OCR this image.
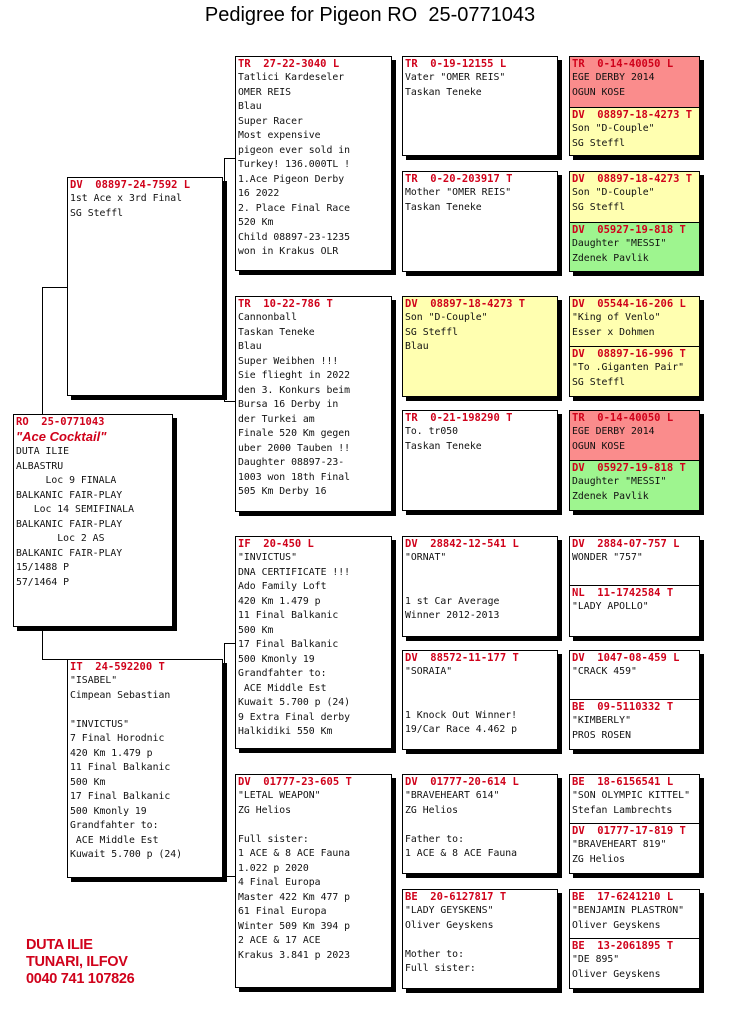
Pedigree for Pigeon RO  25-0771043
RO  25-0771043
"Ace Cocktail"
DUTA ILIE
ALBASTRU
Loc 9 FINALA
BALKANIC FAIR-PLAY
Loc 14 SEMIFINALA
BALKANIC FAIR-PLAY
Loc 2 AS
BALKANIC FAIR-PLAY
15/1488 P
57/1464 P
DV  08897-24-7592 L
1st Ace x 3rd Final
SG Steffl
IT  24-592200 T
"ISABEL"
Cimpean Sebastian

"INVICTUS"
7 Final Horodnic
420 Km 1.479 p
11 Final Balkanic
500 Km
17 Final Balkanic
500 Kmonly 19
Grandfahter to:
ACE Middle Est
Kuwait 5.700 p (24)
TR  27-22-3040 L
Tatlici Kardeseler
OMER REIS
Blau
Super Racer
Most expensive
pigeon ever sold in
Turkey! 136.000TL !
1.Ace Pigeon Derby
16 2022
2. Place Final Race
520 Km
Child 08897-23-1235
won in Krakus OLR
TR  10-22-786 T
Cannonball
Taskan Teneke
Blau
Super Weibhen !!!
Sie flieght in 2022
den 3. Konkurs beim
Bursa 16 Derby in
der Turkei am
Finale 520 Km gegen
uber 2000 Tauben !!
Daughter 08897-23-
1003 won 18th Final
505 Km Derby 16
IF  20-450 L
"INVICTUS"
DNA CERTIFICATE !!!
Ado Family Loft
420 Km 1.479 p
11 Final Balkanic
500 Km
17 Final Balkanic
500 Kmonly 19
Grandfahter to:
ACE Middle Est
Kuwait 5.700 p (24)
9 Extra Final derby
Halkidiki 550 Km
DV  01777-23-605 T
"LETAL WEAPON"
ZG Helios

Full sister:
1 ACE & 8 ACE Fauna
1.022 p 2020
4 Final Europa
Master 422 Km 477 p
61 Final Europa
Winter 509 Km 394 p
2 ACE & 17 ACE
Krakus 3.841 p 2023
TR  0-19-12155 L
Vater "OMER REIS"
Taskan Teneke
TR  0-20-203917 T
Mother "OMER REIS"
Taskan Teneke
DV  08897-18-4273 T
Son "D-Couple"
SG Steffl
Blau
TR  0-21-198290 T
To. tr050
Taskan Teneke
DV  28842-12-541 L
"ORNAT"

1 st Car Average
Winner 2012-2013
DV  88572-11-177 T
"SORAIA"

1 Knock Out Winner!
19/Car Race 4.462 p
DV  01777-20-614 L
"BRAVEHEART 614"
ZG Helios

Father to:
1 ACE & 8 ACE Fauna
BE  20-6127817 T
"LADY GEYSKENS"
Oliver Geyskens

Mother to:
Full sister:
TR  0-14-40050 L
EGE DERBY 2014
OGUN KOSE
DV  08897-18-4273 T
Son "D-Couple"
SG Steffl
DV  08897-18-4273 T
Son "D-Couple"
SG Steffl
DV  05927-19-818 T
Daughter "MESSI"
Zdenek Pavlik
DV  05544-16-206 L
"King of Venlo"
Esser x Dohmen
DV  08897-16-996 T
"To .Giganten Pair"
SG Steffl
TR  0-14-40050 L
EGE DERBY 2014
OGUN KOSE
DV  05927-19-818 T
Daughter "MESSI"
Zdenek Pavlik
DV  2884-07-757 L
WONDER "757"
NL  11-1742584 T
"LADY APOLLO"
DV  1047-08-459 L
"CRACK 459"
BE  09-5110332 T
"KIMBERLY"
PROS ROSEN
BE  18-6156541 L
"SON OLYMPIC KITTEL"
Stefan Lambrechts
DV  01777-17-819 T
"BRAVEHEART 819"
ZG Helios
BE  17-6241210 L
"BENJAMIN PLASTRON"
Oliver Geyskens
BE  13-2061895 T
"DE 895"
Oliver Geyskens
DUTA ILIE
TUNARI, ILFOV
0040 741 107826
